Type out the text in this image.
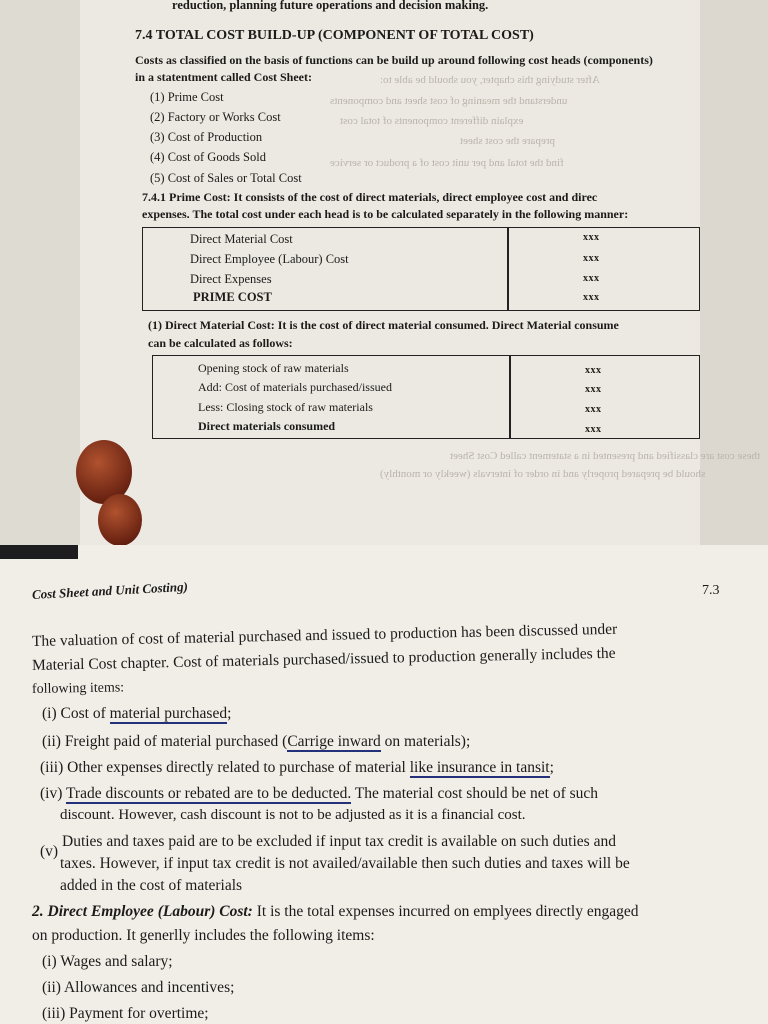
After studying this chapter, you should be able to:
understand the meaning of cost sheet and components
explain different components of total cost
prepare the cost sheet
find the total and per unit cost of a product or service
reduction, planning future operations and decision making.
7.4 TOTAL COST BUILD-UP (COMPONENT OF TOTAL COST)
Costs as classified on the basis of functions can be build up around following cost heads (components)
in a statentment called Cost Sheet:
(1) Prime Cost
(2) Factory or Works Cost
(3) Cost of Production
(4) Cost of Goods Sold
(5) Cost of Sales or Total Cost
7.4.1 Prime Cost: It consists of the cost of direct materials, direct employee cost and direc
expenses. The total cost under each head is to be calculated separately in the following manner:
Direct Material Cost
Direct Employee (Labour) Cost
Direct Expenses
PRIME COST
xxx
xxx
xxx
xxx
(1) Direct Material Cost: It is the cost of direct material consumed. Direct Material consume
can be calculated as follows:
Opening stock of raw materials
Add: Cost of materials purchased/issued
Less: Closing stock of raw materials
Direct materials consumed
xxx
xxx
xxx
xxx
these cost are classified and presented in a statement called Cost Sheet
should be prepared properly and in order of intervals (weekly or monthly)
Cost Sheet and Unit Costing)	7.3
The valuation of cost of material purchased and issued to production has been discussed under
Material Cost chapter. Cost of materials purchased/issued to production generally includes the
following items:
(i) Cost of material purchased;
(ii) Freight paid of material purchased (Carrige inward on materials);
(iii) Other expenses directly related to purchase of material like insurance in tansit;
(iv) Trade discounts or rebated are to be deducted. The material cost should be net of such
discount. However, cash discount is not to be adjusted as it is a financial cost.
(v)
Duties and taxes paid are to be excluded if input tax credit is available on such duties and
taxes. However, if input tax credit is not availed/available then such duties and taxes will be
added in the cost of materials
2. Direct Employee (Labour) Cost: It is the total expenses incurred on emplyees directly engaged
on production. It generlly includes the following items:
(i) Wages and salary;
(ii) Allowances and incentives;
(iii) Payment for overtime;
